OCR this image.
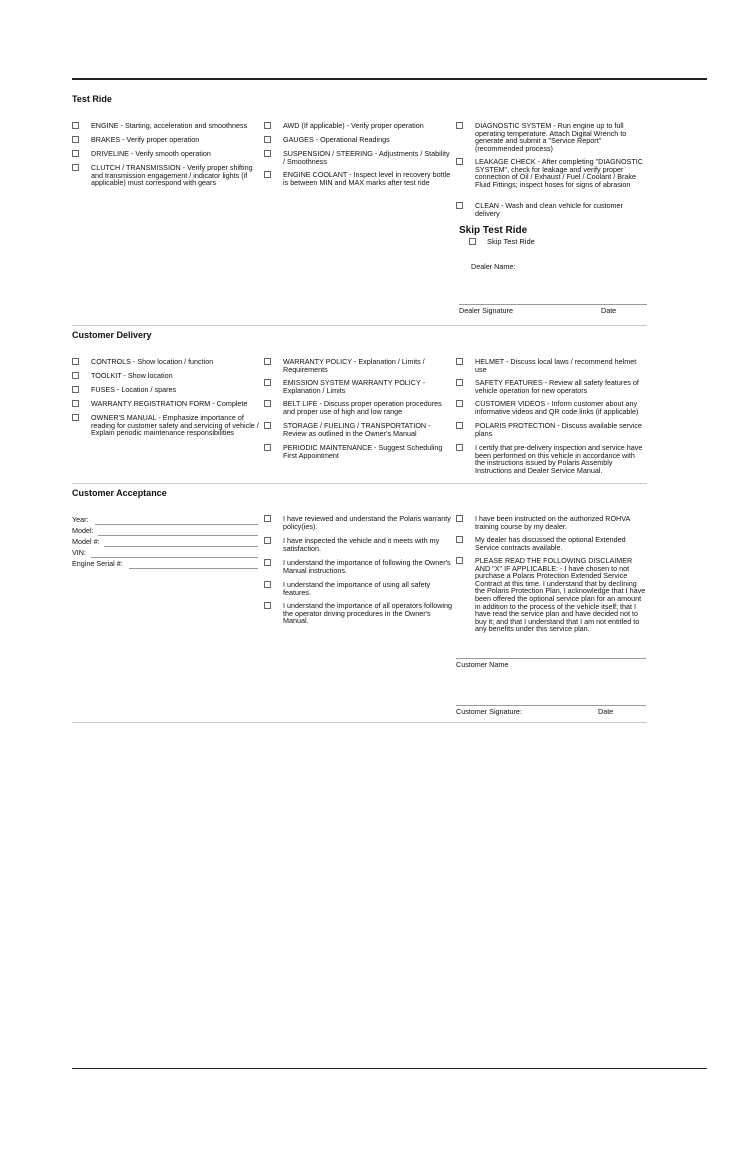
Test Ride
ENGINE - Starting, acceleration and smoothness
BRAKES - Verify proper operation
DRIVELINE - Verify smooth operation
CLUTCH / TRANSMISSION - Verify proper shifting and transmission engagement / indicator lights (if applicable) must correspond with gears
AWD (If applicable) - Verify proper operation
GAUGES - Operational Readings
SUSPENSION / STEERING - Adjustments / Stability / Smoothness
ENGINE COOLANT - Inspect level in recovery bottle is between MIN and MAX marks after test ride
DIAGNOSTIC SYSTEM - Run engine up to full operating temperature. Attach Digital Wrench to generate and submit a "Service Report" (recommended process)
LEAKAGE CHECK - After completing "DIAGNOSTIC SYSTEM", check for leakage and verify proper connection of Oil / Exhaust / Fuel / Coolant / Brake Fluid Fittings; inspect hoses for signs of abrasion
CLEAN - Wash and clean vehicle for customer delivery
Skip Test Ride
Skip Test Ride
Dealer Name:
Dealer Signature	Date
Customer Delivery
CONTROLS - Show location / function
TOOLKIT - Show location
FUSES - Location / spares
WARRANTY REGISTRATION FORM - Complete
OWNER'S MANUAL - Emphasize importance of reading for customer safety and servicing of vehicle / Explain periodic maintenance responsibilities
WARRANTY POLICY - Explanation / Limits / Requirements
EMISSION SYSTEM WARRANTY POLICY - Explanation / Limits
BELT LIFE - Discuss proper operation procedures and proper use of high and low range
STORAGE / FUELING / TRANSPORTATION - Review as outlined in the Owner's Manual
PERIODIC MAINTENANCE - Suggest Scheduling First Appointment
HELMET - Discuss local laws / recommend helmet use
SAFETY FEATURES - Review all safety features of vehicle operation for new operators
CUSTOMER VIDEOS - Inform customer about any informative videos and QR code links (if applicable)
POLARIS PROTECTION - Discuss available service plans
I certify that pre-delivery inspection and service have been performed on this vehicle in accordance with the instructions issued by Polaris Assembly Instructions and Dealer Service Manual.
Customer Acceptance
Year:
Model:
Model #:
VIN:
Engine Serial #:
I have reviewed and understand the Polaris warranty policy(ies).
I have inspected the vehicle and it meets with my satisfaction.
I understand the importance of following the Owner's Manual instructions.
I understand the importance of using all safety features.
I understand the importance of all operators following the operator driving procedures in the Owner's Manual.
I have been instructed on the authorized ROHVA training course by my dealer.
My dealer has discussed the optional Extended Service contracts available.
PLEASE READ THE FOLLOWING DISCLAIMER AND "X" IF APPLICABLE: - I have chosen to not purchase a Polaris Protection Extended Service Contract at this time. I understand that by declining the Polaris Protection Plan, I acknowledge that I have been offered the optional service plan for an amount in addition to the process of the vehicle itself; that I have read the service plan and have decided not to buy it; and that I understand that I am not entitled to any benefits under this service plan.
Customer Name
Customer Signature:	Date
